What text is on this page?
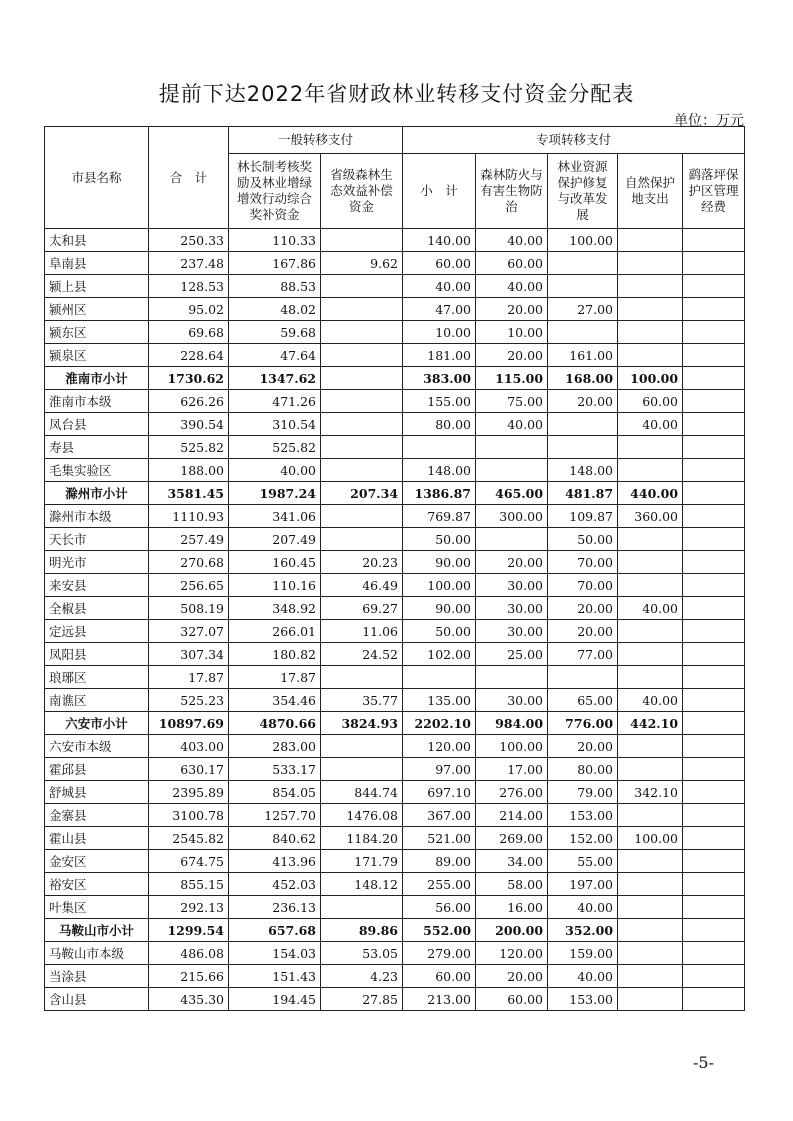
提前下达2022年省财政林业转移支付资金分配表
单位：万元
市县名称	合　计	一般转移支付		专项转移支付				
		林长制考核奖励及林业增绿增效行动综合奖补资金	省级森林生态效益补偿资金	小　计	森林防火与有害生物防治	林业资源保护修复与改革发展	自然保护地支出	鹞落坪保护区管理经费
太和县	250.33	110.33		140.00	40.00	100.00		
阜南县	237.48	167.86	9.62	60.00	60.00			
颍上县	128.53	88.53		40.00	40.00			
颍州区	95.02	48.02		47.00	20.00	27.00		
颍东区	69.68	59.68		10.00	10.00			
颍泉区	228.64	47.64		181.00	20.00	161.00		
淮南市小计	1730.62	1347.62		383.00	115.00	168.00	100.00	
淮南市本级	626.26	471.26		155.00	75.00	20.00	60.00	
凤台县	390.54	310.54		80.00	40.00		40.00	
寿县	525.82	525.82						
毛集实验区	188.00	40.00		148.00		148.00		
滁州市小计	3581.45	1987.24	207.34	1386.87	465.00	481.87	440.00	
滁州市本级	1110.93	341.06		769.87	300.00	109.87	360.00	
天长市	257.49	207.49		50.00		50.00		
明光市	270.68	160.45	20.23	90.00	20.00	70.00		
来安县	256.65	110.16	46.49	100.00	30.00	70.00		
全椒县	508.19	348.92	69.27	90.00	30.00	20.00	40.00	
定远县	327.07	266.01	11.06	50.00	30.00	20.00		
凤阳县	307.34	180.82	24.52	102.00	25.00	77.00		
琅琊区	17.87	17.87						
南谯区	525.23	354.46	35.77	135.00	30.00	65.00	40.00	
六安市小计	10897.69	4870.66	3824.93	2202.10	984.00	776.00	442.10	
六安市本级	403.00	283.00		120.00	100.00	20.00		
霍邱县	630.17	533.17		97.00	17.00	80.00		
舒城县	2395.89	854.05	844.74	697.10	276.00	79.00	342.10	
金寨县	3100.78	1257.70	1476.08	367.00	214.00	153.00		
霍山县	2545.82	840.62	1184.20	521.00	269.00	152.00	100.00	
金安区	674.75	413.96	171.79	89.00	34.00	55.00		
裕安区	855.15	452.03	148.12	255.00	58.00	197.00		
叶集区	292.13	236.13		56.00	16.00	40.00		
马鞍山市小计	1299.54	657.68	89.86	552.00	200.00	352.00		
马鞍山市本级	486.08	154.03	53.05	279.00	120.00	159.00		
当涂县	215.66	151.43	4.23	60.00	20.00	40.00		
含山县	435.30	194.45	27.85	213.00	60.00	153.00		
-5-
